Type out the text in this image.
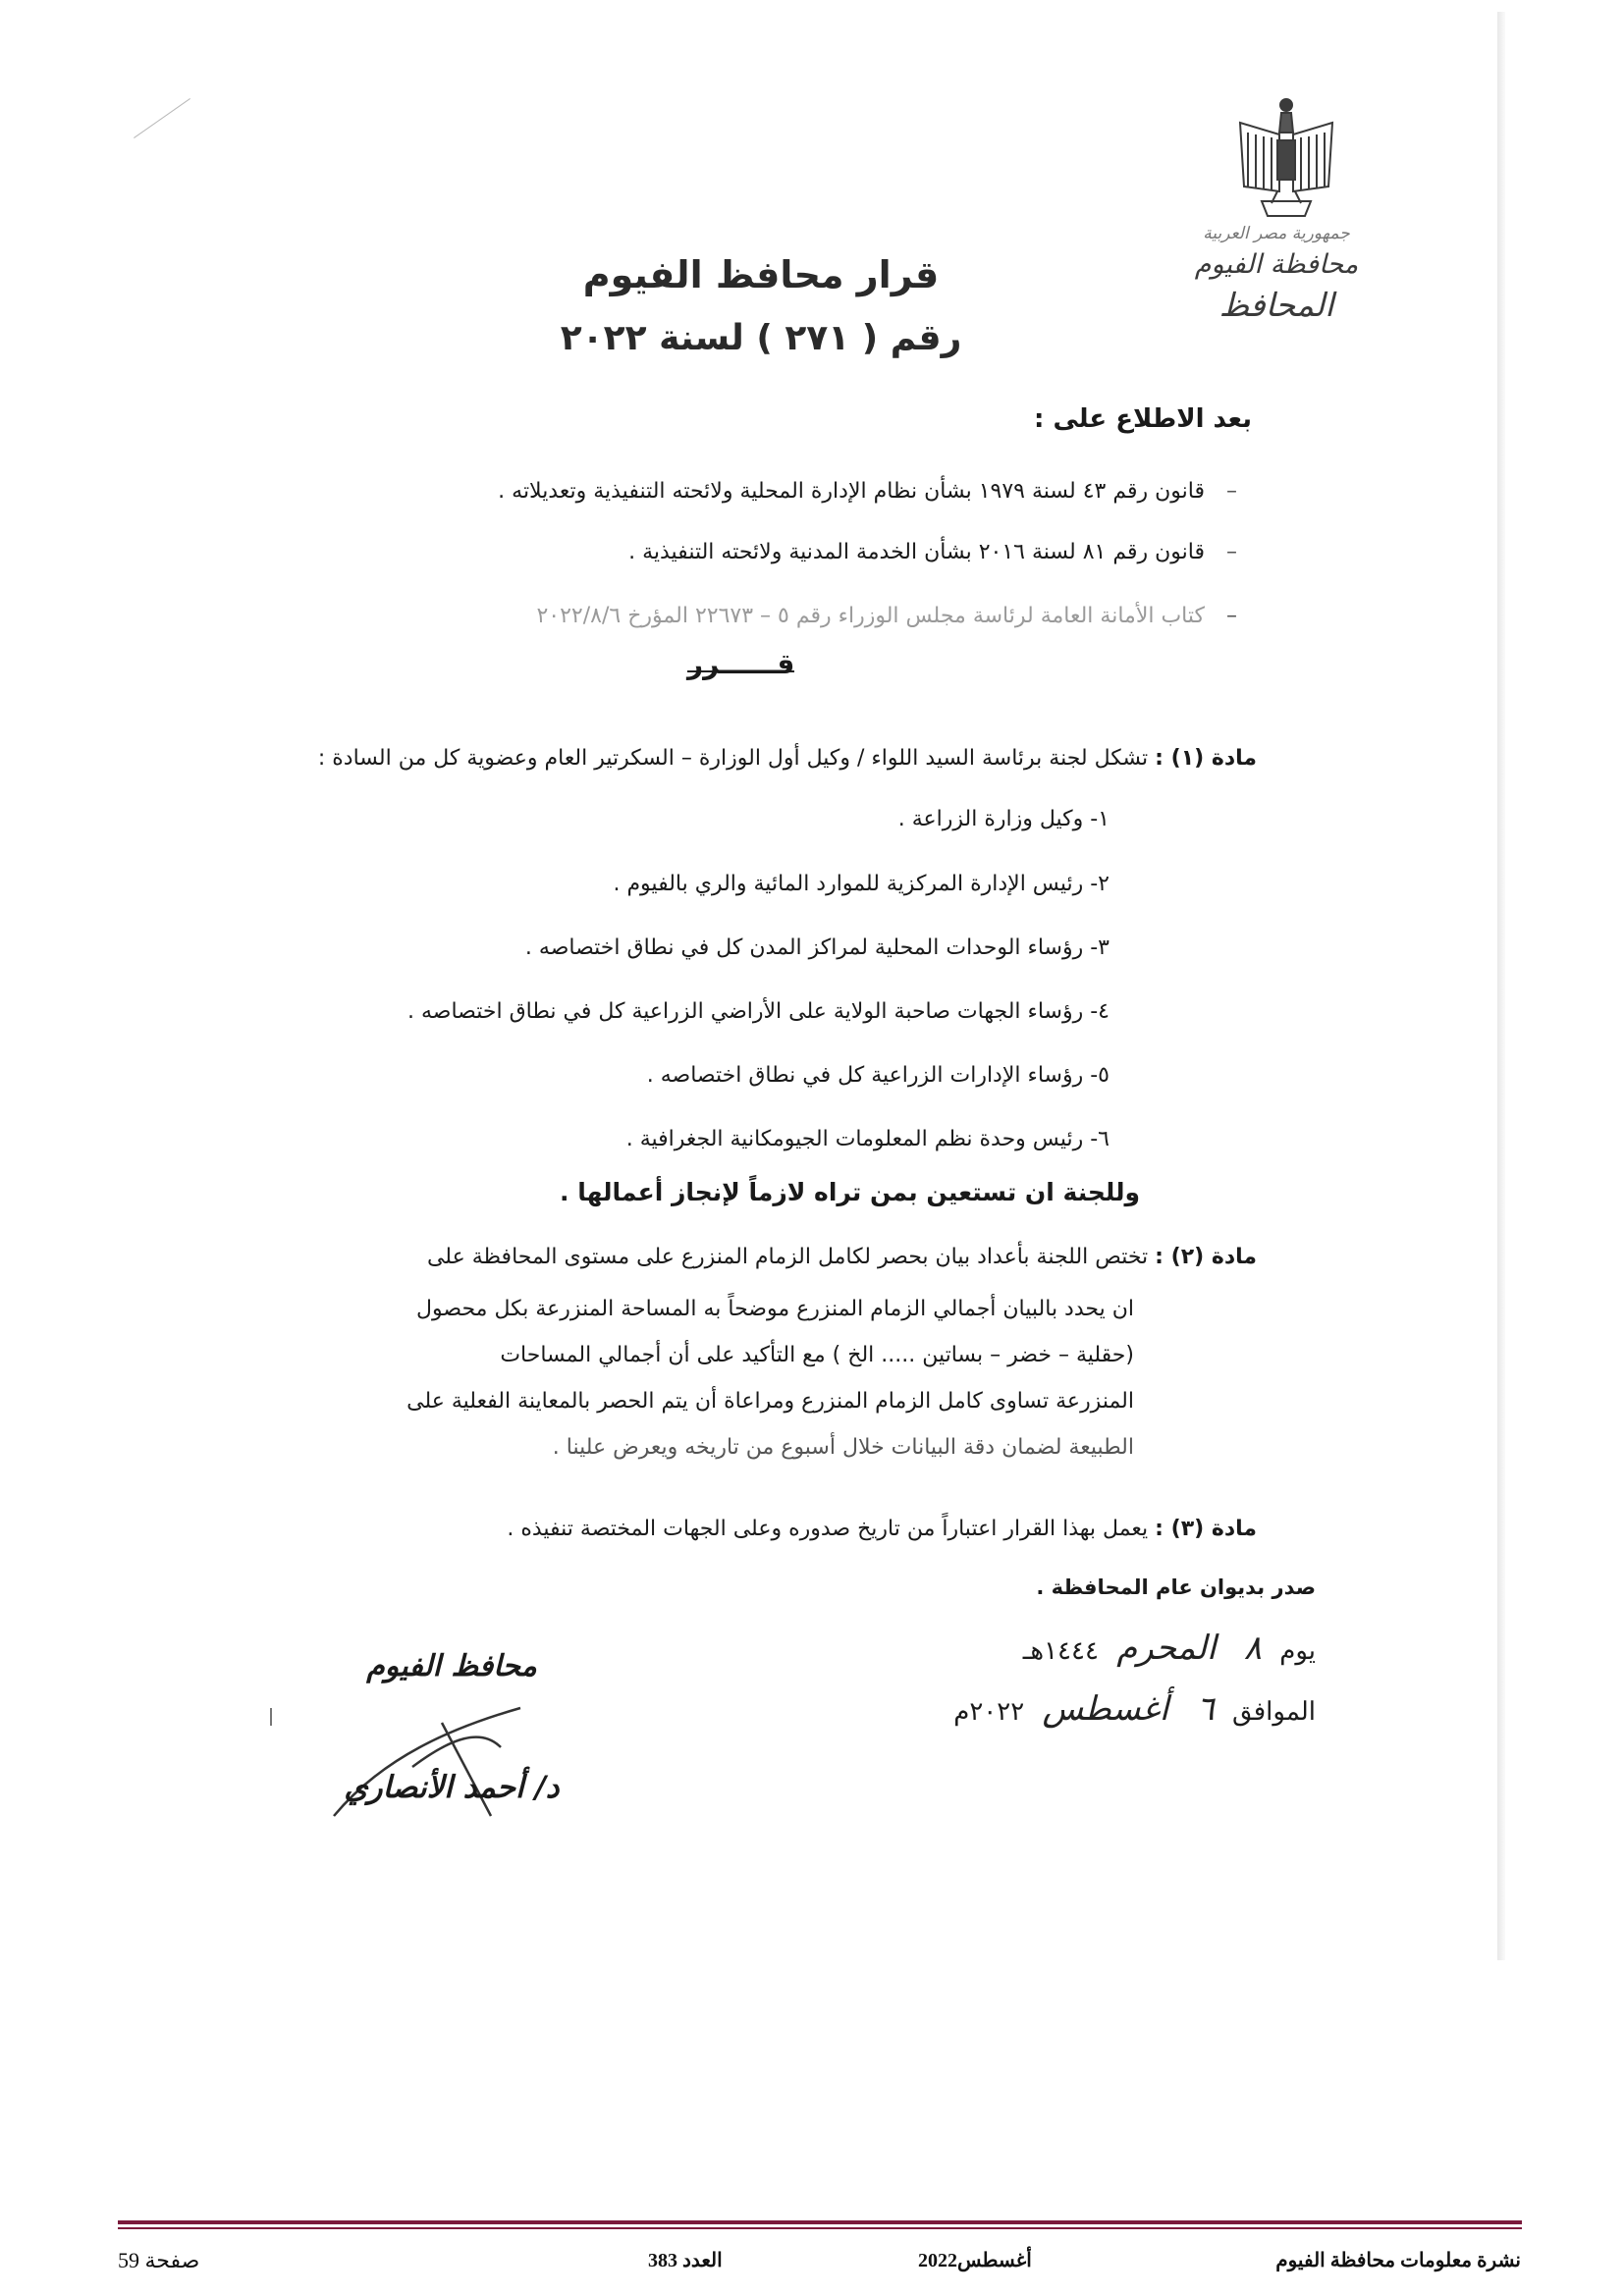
جمهورية مصر العربية
محافظة الفيوم
المحافظ
قرار محافظ الفيوم
رقم ( ٢٧١ ) لسنة ٢٠٢٢
بعد الاطلاع على :
– قانون رقم ٤٣ لسنة ١٩٧٩ بشأن نظام الإدارة المحلية ولائحته التنفيذية وتعديلاته .
– قانون رقم ٨١ لسنة ٢٠١٦ بشأن الخدمة المدنية ولائحته التنفيذية .
– كتاب الأمانة العامة لرئاسة مجلس الوزراء رقم ٥ – ٢٢٦٧٣ المؤرخ ٢٠٢٢/٨/٦
قــــــرر
مادة (١) : تشكل لجنة برئاسة السيد اللواء / وكيل أول الوزارة – السكرتير العام وعضوية كل من السادة :
١- وكيل وزارة الزراعة .
٢- رئيس الإدارة المركزية للموارد المائية والري بالفيوم .
٣- رؤساء الوحدات المحلية لمراكز المدن كل في نطاق اختصاصه .
٤- رؤساء الجهات صاحبة الولاية على الأراضي الزراعية كل في نطاق اختصاصه .
٥- رؤساء الإدارات الزراعية كل في نطاق اختصاصه .
٦- رئيس وحدة نظم المعلومات الجيومكانية الجغرافية .
وللجنة ان تستعين بمن تراه لازماً لإنجاز أعمالها .
مادة (٢) : تختص اللجنة بأعداد بيان بحصر لكامل الزمام المنزرع على مستوى المحافظة على
ان يحدد بالبيان أجمالي الزمام المنزرع موضحاً به المساحة المنزرعة بكل محصول
(حقلية – خضر – بساتين ..... الخ ) مع التأكيد على أن أجمالي المساحات
المنزرعة تساوى كامل الزمام المنزرع ومراعاة أن يتم الحصر بالمعاينة الفعلية على
الطبيعة لضمان دقة البيانات خلال أسبوع من تاريخه ويعرض علينا .
مادة (٣) : يعمل بهذا القرار اعتباراً من تاريخ صدوره وعلى الجهات المختصة تنفيذه .
صدر بديوان عام المحافظة .
يوم ٨ المحرم ١٤٤٤هـ
الموافق ٦ أغسطس ٢٠٢٢م
محافظ الفيوم
د/ أحمد الأنصاري
نشرة معلومات محافظة الفيوم
أغسطس2022
العدد 383
صفحة 59
